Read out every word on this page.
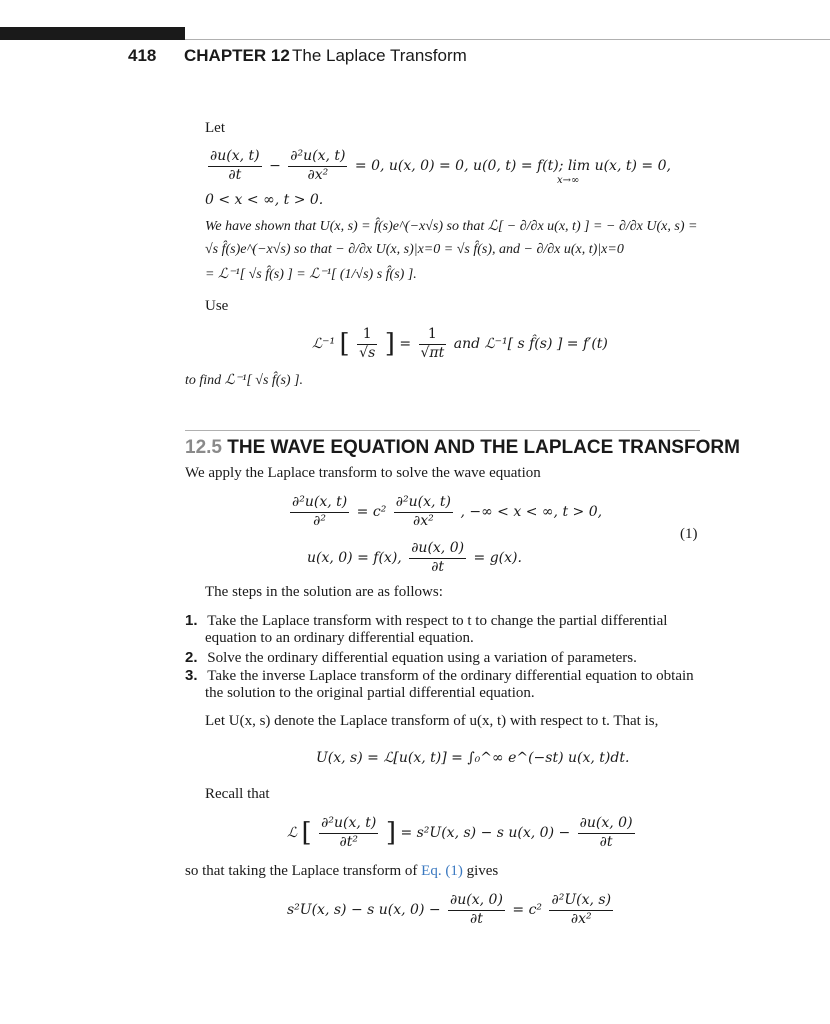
418 CHAPTER 12 The Laplace Transform
Let
$\frac{\partial u(x, t)}{\partial t} - \frac{\text{∂²u(x, t)}}{\text{∂x²}} = 0$, u(x, 0) = 0, u(0, t) = f(t); lim u(x, t) = 0,
x→∞
0 < x < ∞, t > 0.
We have shown that U(x, s) = f̂(s)e^(−x√s) so that ℒ[ − ∂/∂x u(x, t) ] = − ∂/∂x U(x, s) =
√s f̂(s)e^(−x√s) so that − ∂/∂x U(x, s)|x=0 = √s f̂(s), and − ∂/∂x u(x, t)|x=0
= ℒ⁻¹[ √s f̂(s) ] = ℒ⁻¹[ (1/√s) s f̂(s) ].
Use
ℒ⁻¹ [ $\frac{1}{√s}$ ] = $\frac{1}{√\pi t}$ and ℒ⁻¹[ s f̂(s) ] = f′(t)
to find ℒ⁻¹[ √s f̂(s) ].
12.5 THE WAVE EQUATION AND THE LAPLACE TRANSFORM
We apply the Laplace transform to solve the wave equation
$\frac{\text{∂²u(x, t)}}{\text{∂²}} = c^2 \frac{\text{∂²u(x, t)}}{\text{∂x²}}$ , −∞ < x < ∞, t > 0,
(1)
u(x, 0) = f(x), $\frac{\partial u(x, 0)}{\partial t} = g(x)$.
The steps in the solution are as follows:
1. Take the Laplace transform with respect to t to change the partial differential
equation to an ordinary differential equation.
2. Solve the ordinary differential equation using a variation of parameters.
3. Take the inverse Laplace transform of the ordinary differential equation to obtain
the solution to the original partial differential equation.
Let U(x, s) denote the Laplace transform of u(x, t) with respect to t. That is,
U(x, s) = ℒ[u(x, t)] = ∫₀^∞ e^(−st) u(x, t)dt.
Recall that
ℒ [ $\frac{\text{∂²u(x, t)}}{\text{∂t²}}$ ] = s²U(x, s) − s u(x, $0) - \frac{\partial u(x, 0)}{\partial t}$
so that taking the Laplace transform of Eq. (1) gives
s²U(x, s) − s u(x, $0) - \frac{\partial u(x, 0)}{\partial t} = c^2 \frac{\text{∂²U(x, s)}}{\text{∂x²}}$
